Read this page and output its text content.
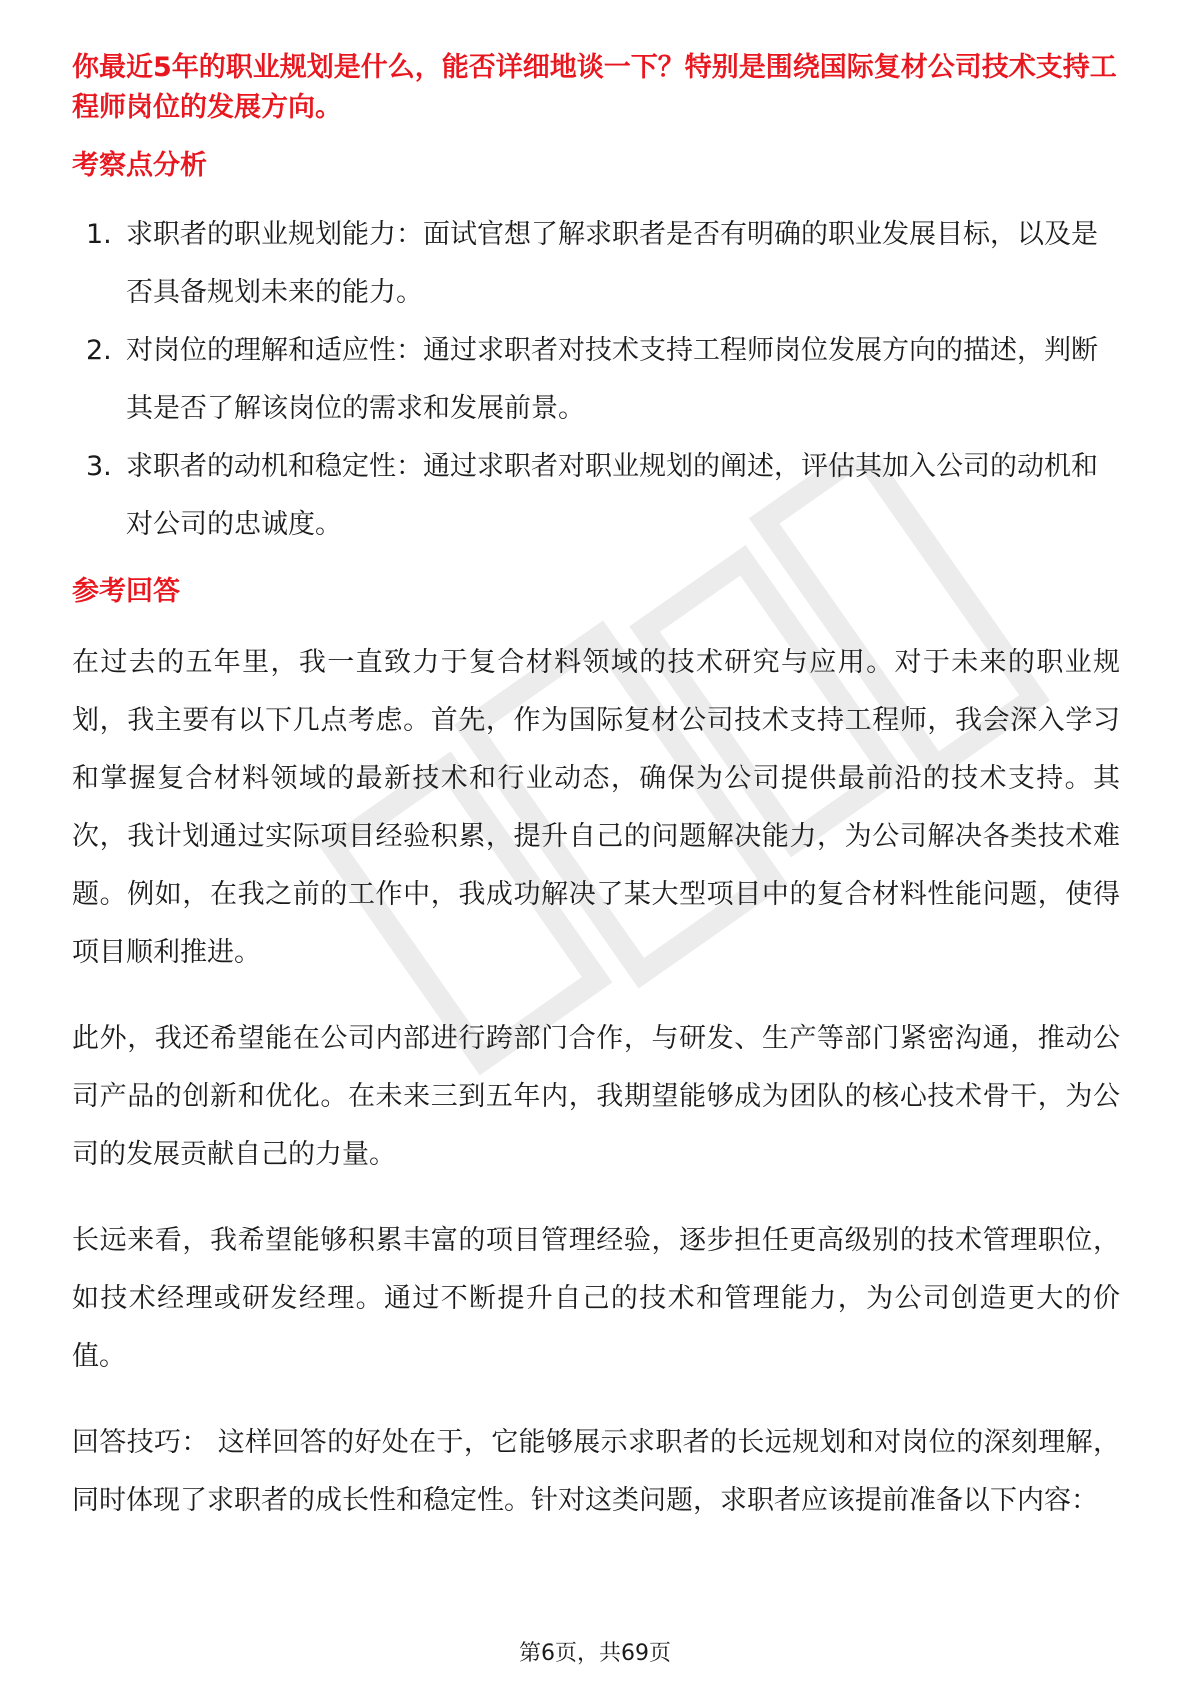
你最近5年的职业规划是什么，能否详细地谈一下？特别是围绕国际复材公司技术支持工程师岗位的发展方向。

考察点分析
1. 求职者的职业规划能力：面试官想了解求职者是否有明确的职业发展目标，以及是否具备规划未来的能力。
2. 对岗位的理解和适应性：通过求职者对技术支持工程师岗位发展方向的描述，判断其是否了解该岗位的需求和发展前景。
3. 求职者的动机和稳定性：通过求职者对职业规划的阐述，评估其加入公司的动机和对公司的忠诚度。
参考回答

在过去的五年里，我一直致力于复合材料领域的技术研究与应用。对于未来的职业规划，我主要有以下几点考虑。首先，作为国际复材公司技术支持工程师，我会深入学习和掌握复合材料领域的最新技术和行业动态，确保为公司提供最前沿的技术支持。其次，我计划通过实际项目经验积累，提升自己的问题解决能力，为公司解决各类技术难题。例如，在我之前的工作中，我成功解决了某大型项目中的复合材料性能问题，使得项目顺利推进。

此外，我还希望能在公司内部进行跨部门合作，与研发、生产等部门紧密沟通，推动公司产品的创新和优化。在未来三到五年内，我期望能够成为团队的核心技术骨干，为公司的发展贡献自己的力量。

长远来看，我希望能够积累丰富的项目管理经验，逐步担任更高级别的技术管理职位，如技术经理或研发经理。通过不断提升自己的技术和管理能力，为公司创造更大的价值。

回答技巧： 这样回答的好处在于，它能够展示求职者的长远规划和对岗位的深刻理解，同时体现了求职者的成长性和稳定性。针对这类问题，求职者应该提前准备以下内容：

第6页，共69页
